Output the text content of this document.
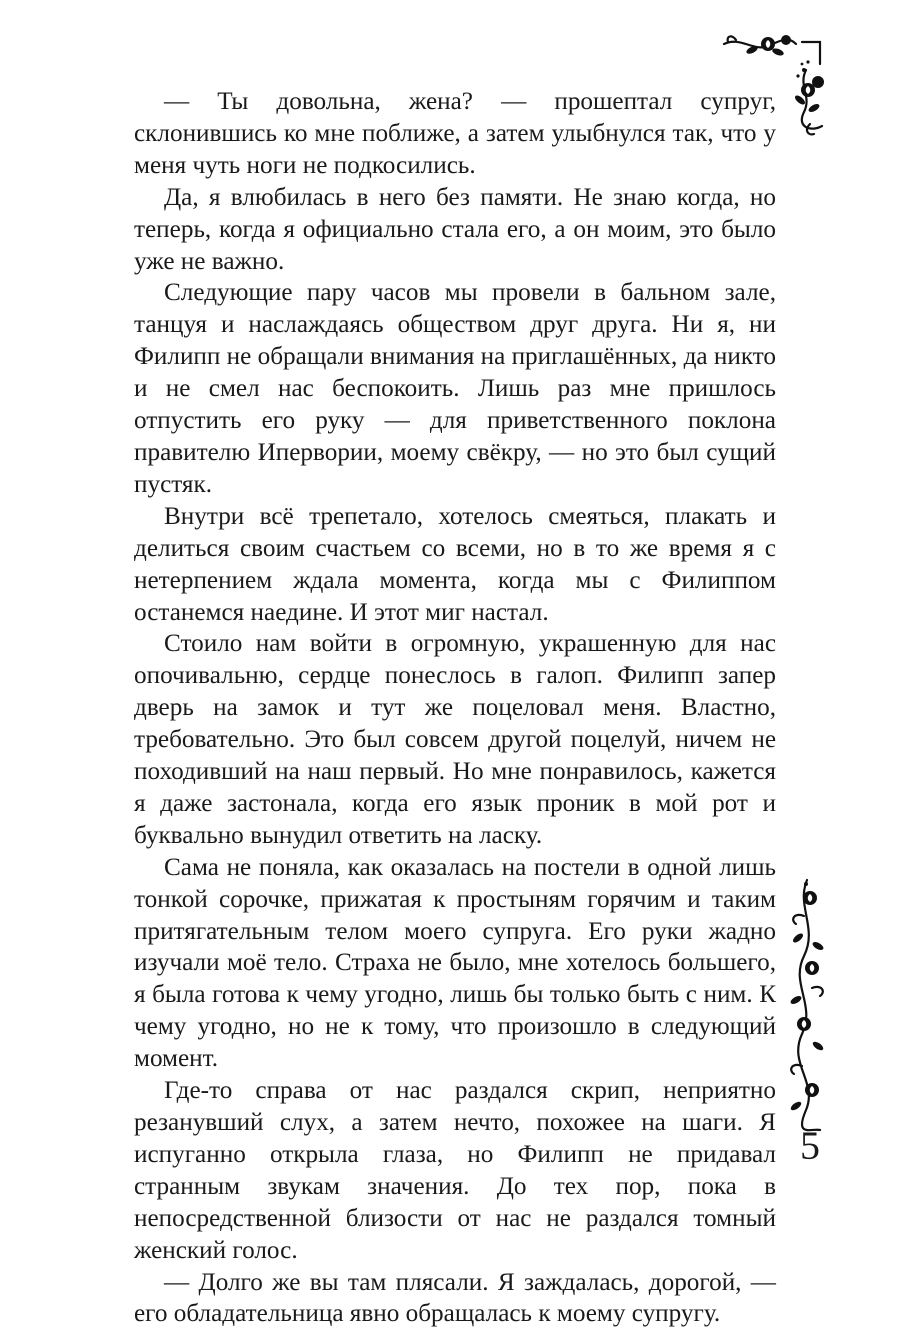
— Ты довольна, жена? — прошептал супруг, склонившись ко мне поближе, а затем улыбнулся так, что у меня чуть ноги не подкосились.

Да, я влюбилась в него без памяти. Не знаю когда, но теперь, когда я официально стала его, а он моим, это было уже не важно.

Следующие пару часов мы провели в бальном зале, танцуя и наслаждаясь обществом друг друга. Ни я, ни Филипп не обращали внимания на приглашённых, да никто и не смел нас беспокоить. Лишь раз мне пришлось отпустить его руку — для приветственного поклона правителю Ипервории, моему свёкру, — но это был сущий пустяк.

Внутри всё трепетало, хотелось смеяться, плакать и делиться своим счастьем со всеми, но в то же время я с нетерпением ждала момента, когда мы с Филиппом останемся наедине. И этот миг настал.

Стоило нам войти в огромную, украшенную для нас опочивальню, сердце понеслось в галоп. Филипп запер дверь на замок и тут же поцеловал меня. Властно, требовательно. Это был совсем другой поцелуй, ничем не походивший на наш первый. Но мне понравилось, кажется я даже застонала, когда его язык проник в мой рот и буквально вынудил ответить на ласку.

Сама не поняла, как оказалась на постели в одной лишь тонкой сорочке, прижатая к простыням горячим и таким притягательным телом моего супруга. Его руки жадно изучали моё тело. Страха не было, мне хотелось большего, я была готова к чему угодно, лишь бы только быть с ним. К чему угодно, но не к тому, что произошло в следующий момент.

Где-то справа от нас раздался скрип, неприятно резанувший слух, а затем нечто, похожее на шаги. Я испуганно открыла глаза, но Филипп не придавал странным звукам значения. До тех пор, пока в непосредственной близости от нас не раздался томный женский голос.

— Долго же вы там плясали. Я заждалась, дорогой, — его обладательница явно обращалась к моему супругу.

5
